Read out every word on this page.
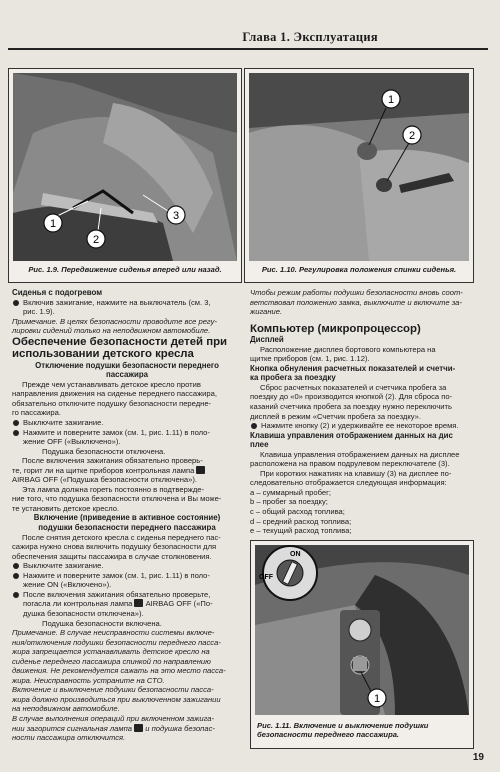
Глава 1. Эксплуатация
1
2
3
Рис. 1.9. Передвижение сиденья вперед или назад.
1
2
Рис. 1.10. Регулировка положения спинки сиденья.

Сиденья с подогревом

Включив зажигание, нажмите на выключатель (см. 3,

рис. 1.9).

Примечание. В целях безопасности проводите все регу-

лировки сидений только на неподвижном автомобиле.

Обеспечение безопасности детей при
использовании детского кресла

Отключение подушки безопасности переднего

пассажира

Прежде чем устанавливать детское кресло против

направления движения на сиденье переднего пассажира,

обязательно отключите подушку безопасности передне-

го пассажира.

Выключите зажигание.

Нажмите и поверните замок (см. 1, рис. 1.11) в поло-

жение OFF («Выключено»).

Подушка безопасности отключена.

После включения зажигания обязательно проверь-

те, горит ли на щитке приборов контрольная лампа

AIRBAG OFF («Подушка безопасности отключена»).

Эта лампа должна гореть постоянно в подтвержде-

ние того, что подушка безопасности отключена и Вы може-

те установить детское кресло.

Включение (приведение в активное состояние)

подушки безопасности переднего пассажира

После снятия детского кресла с сиденья переднего пас-

сажира нужно снова включить подушку безопасности для

обеспечения защиты пассажира в случае столкновения.

Выключите зажигание.

Нажмите и поверните замок (см. 1, рис. 1.11) в поло-

жение ON («Включено»).

После включения зажигания обязательно проверьте,

погасла ли контрольная лампа AIRBAG OFF («По-

душка безопасности отключена»).

Подушка безопасности включена.

Примечание. В случае неисправности системы включе-

ния/отключения подушки безопасности переднего пасса-

жира запрещается устанавливать детское кресло на

сиденье переднего пассажира спинкой по направлению

движения. Не рекомендуется сажать на это место пасса-

жира. Неисправность устраните на СТО.

Включение и выключение подушки безопасности пасса-

жира должно производиться при выключенном зажигании

на неподвижном автомобиле.

В случае выполнения операций при включенном зажига-

нии загорится сигнальная лампа и подушка безопас-

ности пассажира отключится.

Чтобы режим работы подушки безопасности вновь соот-

ветствовал положению замка, выключите и включите за-

жигание.

Компьютер (микропроцессор)

Дисплей

Расположение дисплея бортового компьютера на

щитке приборов (см. 1, рис. 1.12).

Кнопка обнуления расчетных показателей и счетчи-

ка пробега за поездку

Сброс расчетных показателей и счетчика пробега за

поездку до «0» производится кнопкой (2). Для сброса по-

казаний счетчика пробега за поездку нужно переключить

дисплей в режим «Счетчик пробега за поездку».

Нажмите кнопку (2) и удерживайте ее некоторое время.

Клавиша управления отображением данных на дис

плее

Клавиша управления отображением данных на дисплее

расположена на правом подрулевом переключателе (3).

При коротких нажатиях на клавишу (3) на дисплее по-

следовательно отображается следующая информация:

a – суммарный пробег;

b – пробег за поездку;

c – общий расход топлива;

d – средний расход топлива;

e – текущий расход топлива;

ON
OFF
1
Рис. 1.11. Включение и выключение подушки безопасности переднего пассажира.
19
